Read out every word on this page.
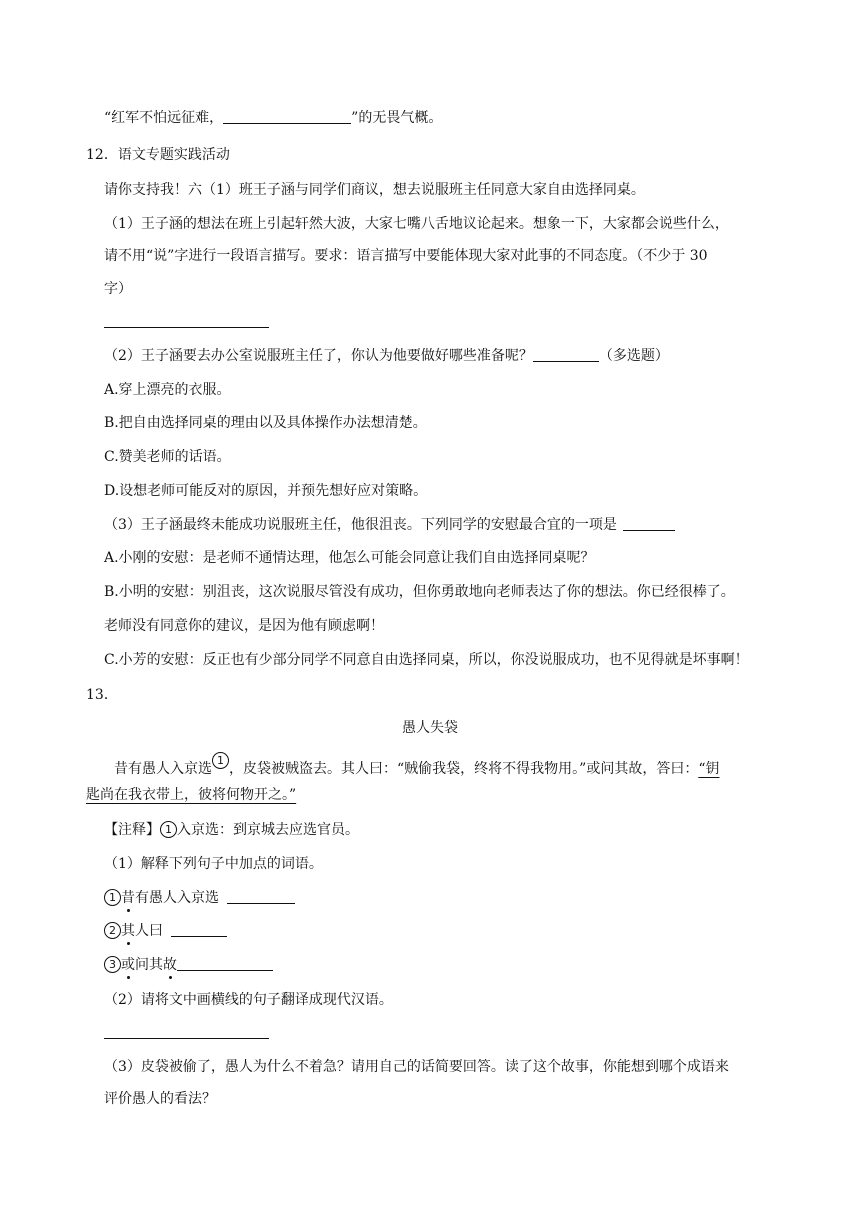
“红军不怕远征难，	”的无畏气概。
12．语文专题实践活动
请你支持我！六（1）班王子涵与同学们商议，想去说服班主任同意大家自由选择同桌。
（1）王子涵的想法在班上引起轩然大波，大家七嘴八舌地议论起来。想象一下，大家都会说些什么，
请不用“说”字进行一段语言描写。要求：语言描写中要能体现大家对此事的不同态度。（不少于 30
字）
（2）王子涵要去办公室说服班主任了，你认为他要做好哪些准备呢？	（多选题）
A.穿上漂亮的衣服。
B.把自由选择同桌的理由以及具体操作办法想清楚。
C.赞美老师的话语。
D.设想老师可能反对的原因，并预先想好应对策略。
（3）王子涵最终未能成功说服班主任，他很沮丧。下列同学的安慰最合宜的一项是
A.小刚的安慰：是老师不通情达理，他怎么可能会同意让我们自由选择同桌呢？
B.小明的安慰：别沮丧，这次说服尽管没有成功，但你勇敢地向老师表达了你的想法。你已经很棒了。
老师没有同意你的建议，是因为他有顾虑啊！
C.小芳的安慰：反正也有少部分同学不同意自由选择同桌，所以，你没说服成功，也不见得就是坏事啊！
13．
愚人失袋
昔有愚人入京选$^1$，皮袋被贼盗去。其人曰：“贼偷我袋，终将不得我物用。”或问其故，答曰：“钥
匙尚在我衣带上，彼将何物开之。”
【注释】 1 入京选：到京城去应选官员。
（1）解释下列句子中加点的词语。
1 昔有愚人入京选
2 其人曰
3 或问其故
（2）请将文中画横线的句子翻译成现代汉语。
（3）皮袋被偷了，愚人为什么不着急？请用自己的话简要回答。读了这个故事，你能想到哪个成语来
评价愚人的看法？
